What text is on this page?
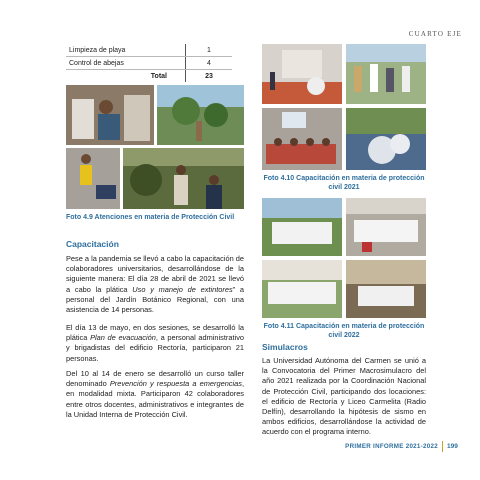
CUARTO EJE
Limpieza de playa	1
Control de abejas	4
Total	23
Foto 4.9 Atenciones en materia de Protección Civil
Capacitación

Pese a la pandemia se llevó a cabo la capacitación de colaboradores universitarios, desarrollándose de la siguiente manera: El día 28 de abril de 2021 se llevó a cabo la plática Uso y manejo de extintores” a personal del Jardín Botánico Regional, con una asistencia de 14 personas.

El día 13 de mayo, en dos sesiones, se desarrolló la plática Plan de evacuación, a personal administrativo y brigadistas del edificio Rectoría, participaron 21 personas.

Del 10 al 14 de enero se desarrolló un curso taller denominado Prevención y respuesta a emergencias, en modalidad mixta. Participaron 42 colaboradores entre otros docentes, administrativos e integrantes de la Unidad Interna de Protección Civil.

Foto 4.10 Capacitación en materia de protección civil 2021
Foto 4.11 Capacitación en materia de protección civil 2022
Simulacros

La Universidad Autónoma del Carmen se unió a la Convocatoria del Primer Macrosimulacro del año 2021 realizada por la Coordinación Nacional de Protección Civil, participando dos locaciones: el edificio de Rectoría y Liceo Carmelita (Radio Delfín), desarrollando la hipótesis de sismo en ambos edificios, desarrollándose la actividad de acuerdo con el programa interno.

PRIMER INFORME 2021-2022 199
